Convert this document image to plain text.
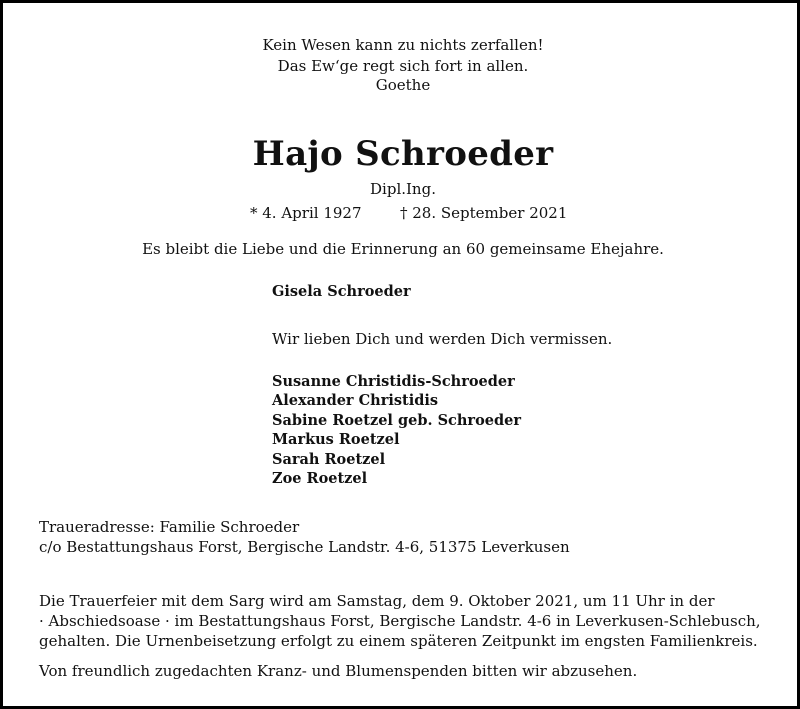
Kein Wesen kann zu nichts zerfallen!
Das Ew‘ge regt sich fort in allen.
Goethe
Hajo Schroeder
Dipl.Ing.
* 4. April 1927	† 28. September 2021
Es bleibt die Liebe und die Erinnerung an 60 gemeinsame Ehejahre.
Gisela Schroeder
Wir lieben Dich und werden Dich vermissen.
Susanne Christidis-Schroeder
Alexander Christidis
Sabine Roetzel geb. Schroeder
Markus Roetzel
Sarah Roetzel
Zoe Roetzel
Traueradresse: Familie Schroeder
c/o Bestattungshaus Forst, Bergische Landstr. 4-6, 51375 Leverkusen
Die Trauerfeier mit dem Sarg wird am Samstag, dem 9. Oktober 2021, um 11 Uhr in der
· Abschiedsoase · im Bestattungshaus Forst, Bergische Landstr. 4-6 in Leverkusen-Schlebusch,
gehalten. Die Urnenbeisetzung erfolgt zu einem späteren Zeitpunkt im engsten Familienkreis.
Von freundlich zugedachten Kranz- und Blumenspenden bitten wir abzusehen.
